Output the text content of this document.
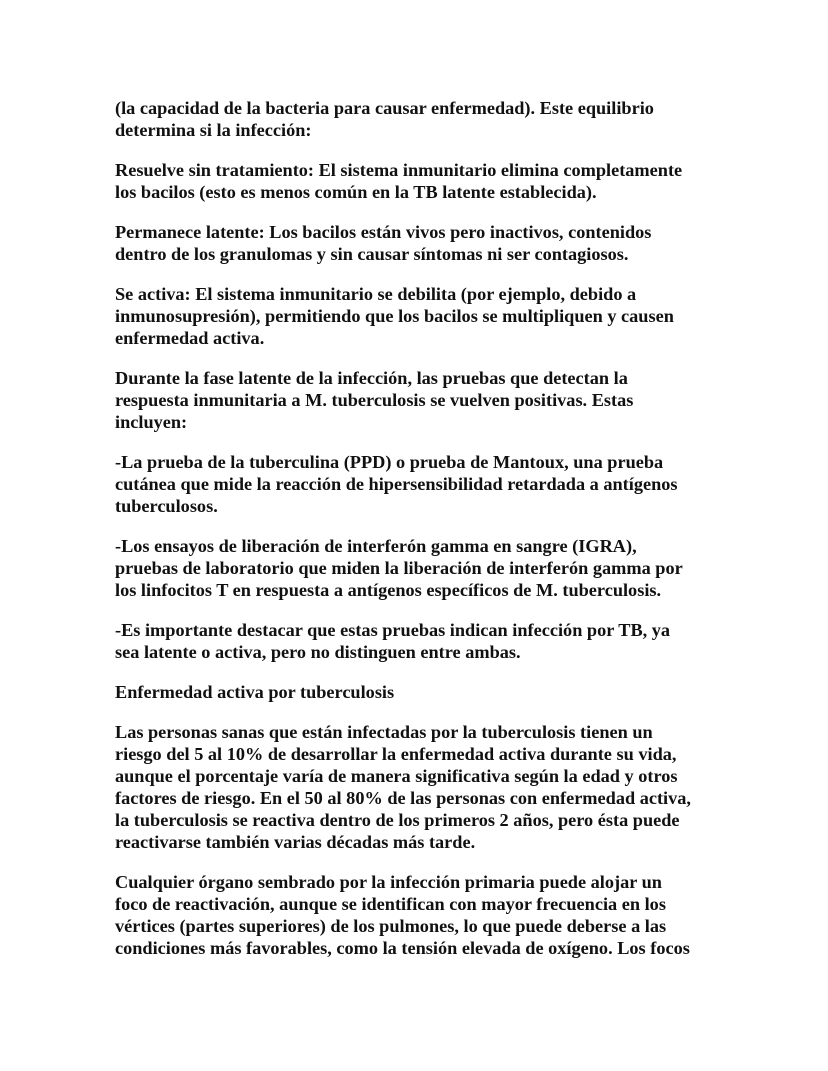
(la capacidad de la bacteria para causar enfermedad). Este equilibrio
determina si la infección:

Resuelve sin tratamiento: El sistema inmunitario elimina completamente
los bacilos (esto es menos común en la TB latente establecida).

Permanece latente: Los bacilos están vivos pero inactivos, contenidos
dentro de los granulomas y sin causar síntomas ni ser contagiosos.

Se activa: El sistema inmunitario se debilita (por ejemplo, debido a
inmunosupresión), permitiendo que los bacilos se multipliquen y causen
enfermedad activa.

Durante la fase latente de la infección, las pruebas que detectan la
respuesta inmunitaria a M. tuberculosis se vuelven positivas. Estas
incluyen:

-La prueba de la tuberculina (PPD) o prueba de Mantoux, una prueba
cutánea que mide la reacción de hipersensibilidad retardada a antígenos
tuberculosos.

-Los ensayos de liberación de interferón gamma en sangre (IGRA),
pruebas de laboratorio que miden la liberación de interferón gamma por
los linfocitos T en respuesta a antígenos específicos de M. tuberculosis.

-Es importante destacar que estas pruebas indican infección por TB, ya
sea latente o activa, pero no distinguen entre ambas.

Enfermedad activa por tuberculosis

Las personas sanas que están infectadas por la tuberculosis tienen un
riesgo del 5 al 10% de desarrollar la enfermedad activa durante su vida,
aunque el porcentaje varía de manera significativa según la edad y otros
factores de riesgo. En el 50 al 80% de las personas con enfermedad activa,
la tuberculosis se reactiva dentro de los primeros 2 años, pero ésta puede
reactivarse también varias décadas más tarde.

Cualquier órgano sembrado por la infección primaria puede alojar un
foco de reactivación, aunque se identifican con mayor frecuencia en los
vértices (partes superiores) de los pulmones, lo que puede deberse a las
condiciones más favorables, como la tensión elevada de oxígeno. Los focos
